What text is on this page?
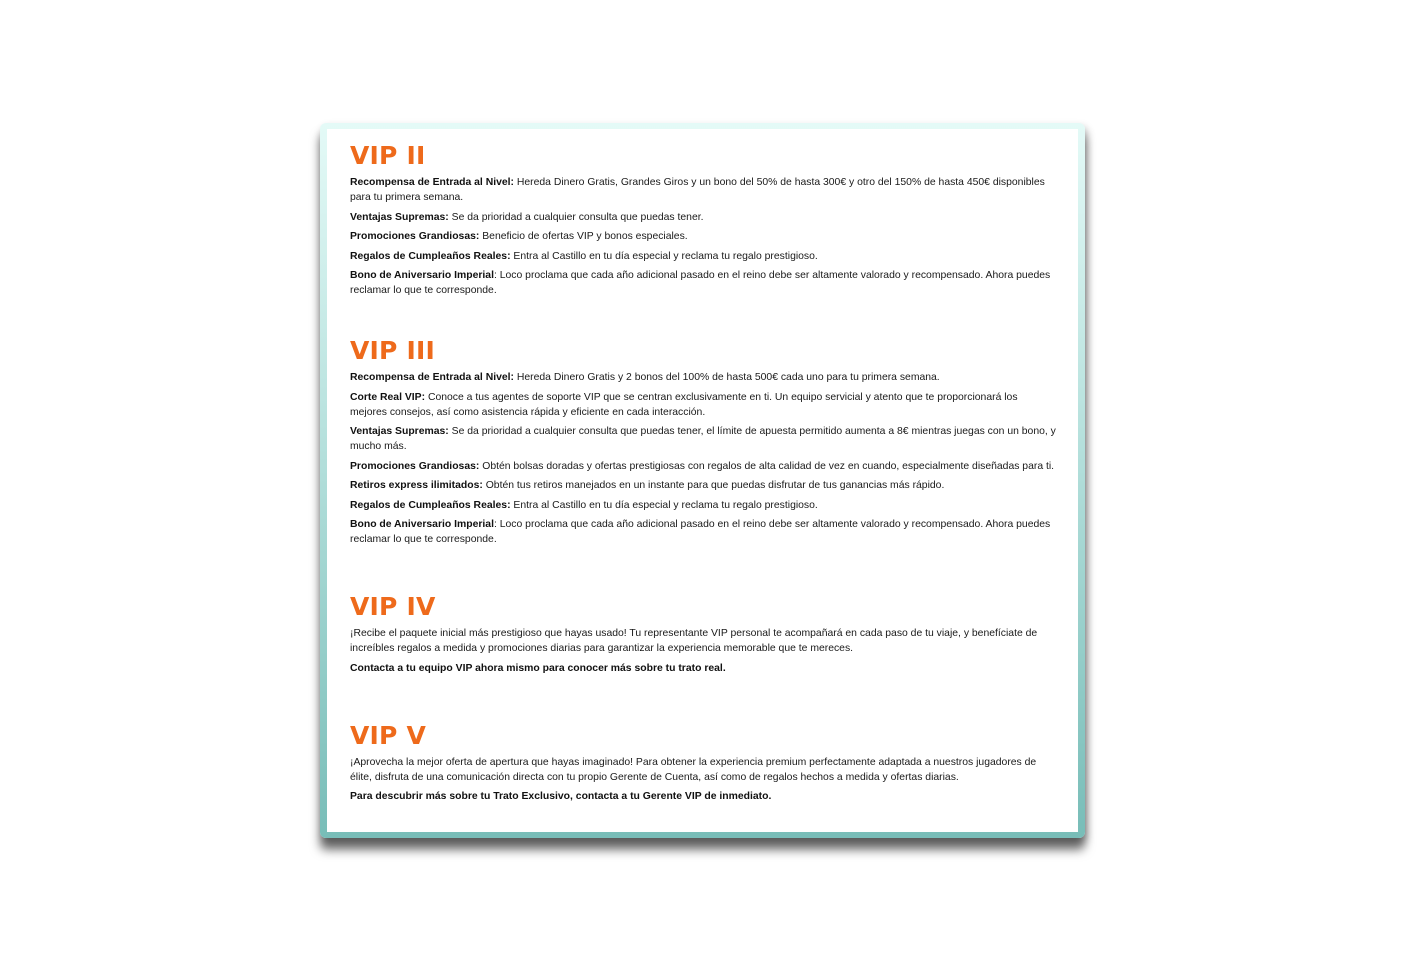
VIP II

Recompensa de Entrada al Nivel: Hereda Dinero Gratis, Grandes Giros y un bono del 50% de hasta 300€ y otro del 150% de hasta 450€ disponibles para tu primera semana.

Ventajas Supremas: Se da prioridad a cualquier consulta que puedas tener.

Promociones Grandiosas: Beneficio de ofertas VIP y bonos especiales.

Regalos de Cumpleaños Reales: Entra al Castillo en tu día especial y reclama tu regalo prestigioso.

Bono de Aniversario Imperial: Loco proclama que cada año adicional pasado en el reino debe ser altamente valorado y recompensado. Ahora puedes reclamar lo que te corresponde.

VIP III

Recompensa de Entrada al Nivel: Hereda Dinero Gratis y 2 bonos del 100% de hasta 500€ cada uno para tu primera semana.

Corte Real VIP: Conoce a tus agentes de soporte VIP que se centran exclusivamente en ti. Un equipo servicial y atento que te proporcionará los mejores consejos, así como asistencia rápida y eficiente en cada interacción.

Ventajas Supremas: Se da prioridad a cualquier consulta que puedas tener, el límite de apuesta permitido aumenta a 8€ mientras juegas con un bono, y mucho más.

Promociones Grandiosas: Obtén bolsas doradas y ofertas prestigiosas con regalos de alta calidad de vez en cuando, especialmente diseñadas para ti.

Retiros express ilimitados: Obtén tus retiros manejados en un instante para que puedas disfrutar de tus ganancias más rápido.

Regalos de Cumpleaños Reales: Entra al Castillo en tu día especial y reclama tu regalo prestigioso.

Bono de Aniversario Imperial: Loco proclama que cada año adicional pasado en el reino debe ser altamente valorado y recompensado. Ahora puedes reclamar lo que te corresponde.

VIP IV

¡Recibe el paquete inicial más prestigioso que hayas usado! Tu representante VIP personal te acompañará en cada paso de tu viaje, y benefíciate de increíbles regalos a medida y promociones diarias para garantizar la experiencia memorable que te mereces.

Contacta a tu equipo VIP ahora mismo para conocer más sobre tu trato real.

VIP V

¡Aprovecha la mejor oferta de apertura que hayas imaginado! Para obtener la experiencia premium perfectamente adaptada a nuestros jugadores de élite, disfruta de una comunicación directa con tu propio Gerente de Cuenta, así como de regalos hechos a medida y ofertas diarias.

Para descubrir más sobre tu Trato Exclusivo, contacta a tu Gerente VIP de inmediato.
